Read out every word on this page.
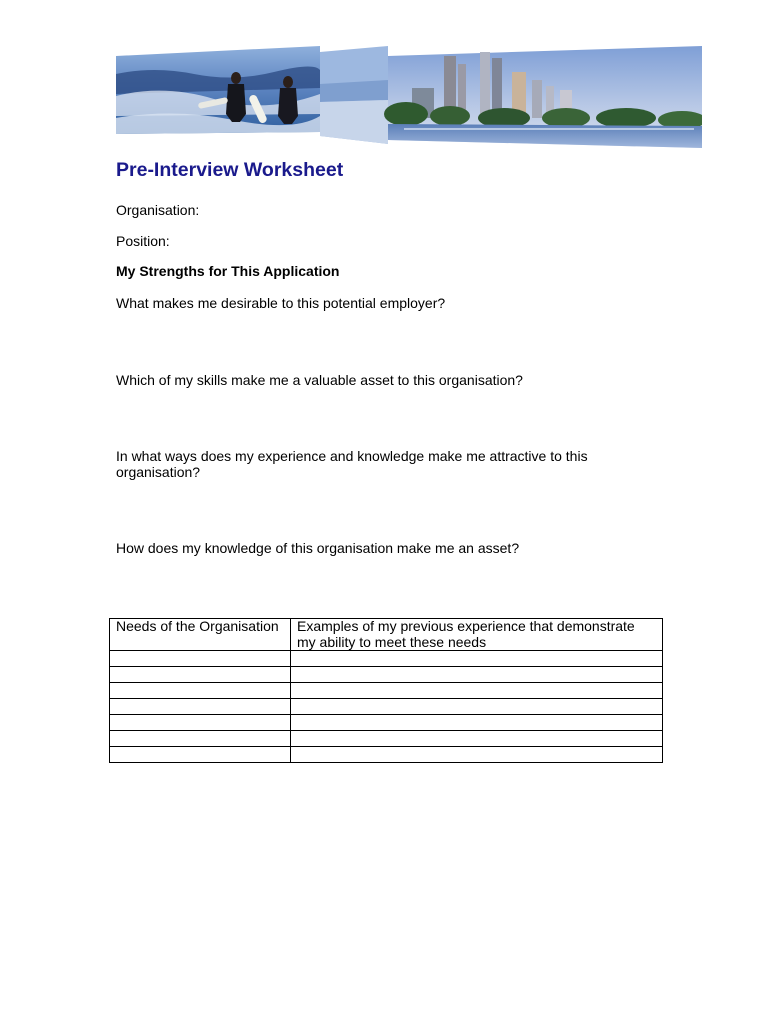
Pre-Interview Worksheet

Organisation:

Position:

My Strengths for This Application

What makes me desirable to this potential employer?

Which of my skills make me a valuable asset to this organisation?

In what ways does my experience and knowledge make me attractive to this organisation?

How does my knowledge of this organisation make me an asset?

Needs of the Organisation	Examples of my previous experience that demonstrate my ability to meet these needs
